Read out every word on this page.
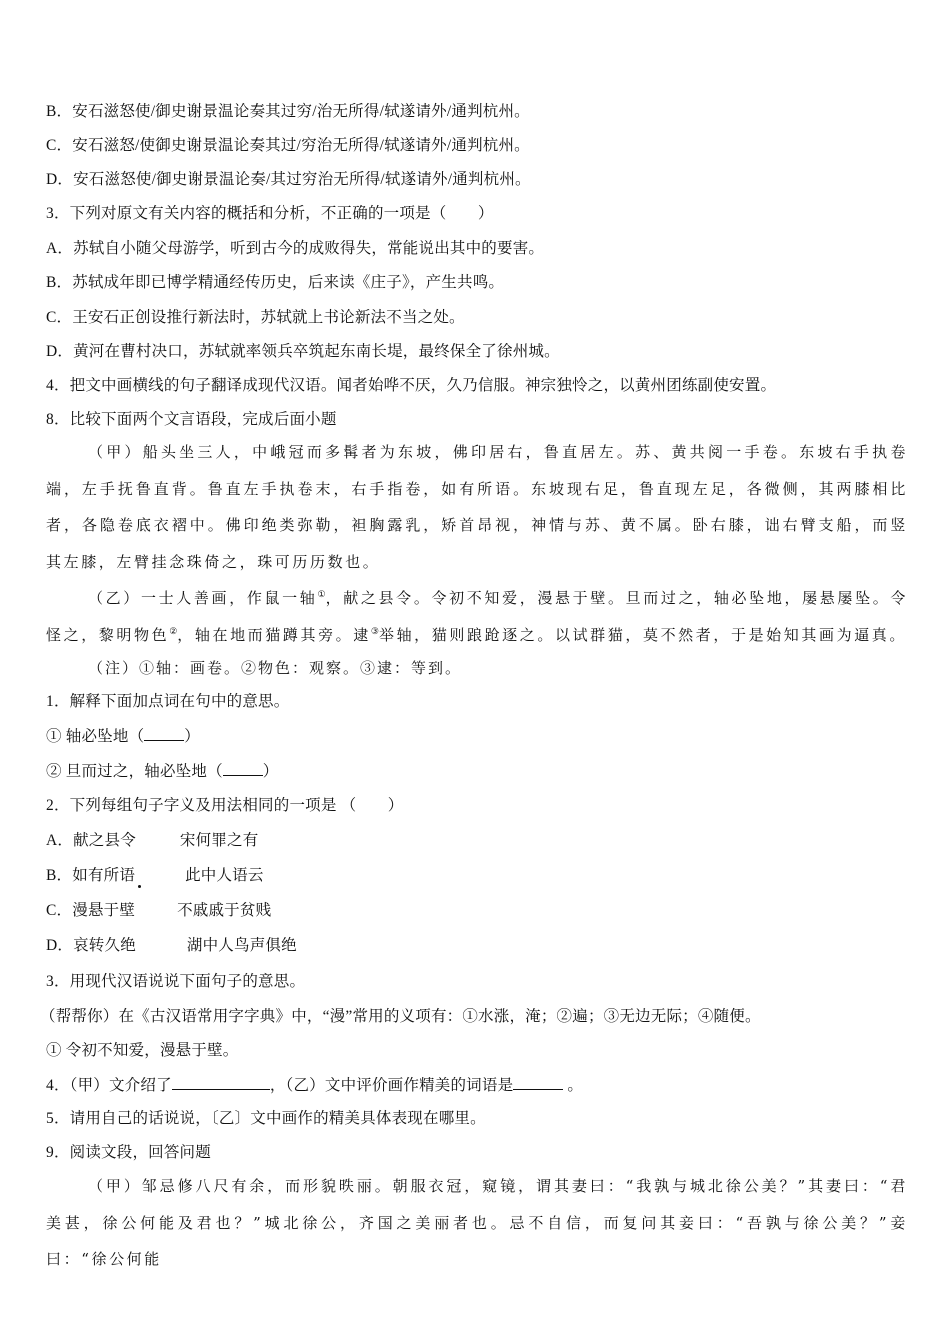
B．安石滋怒使/御史谢景温论奏其过穷/治无所得/轼遂请外/通判杭州。
C．安石滋怒/使御史谢景温论奏其过/穷治无所得/轼遂请外/通判杭州。
D．安石滋怒使/御史谢景温论奏/其过穷治无所得/轼遂请外/通判杭州。
3．下列对原文有关内容的概括和分析，不正确的一项是（　　）
A．苏轼自小随父母游学，听到古今的成败得失，常能说出其中的要害。
B．苏轼成年即已博学精通经传历史，后来读《庄子》，产生共鸣。
C．王安石正创设推行新法时，苏轼就上书论新法不当之处。
D．黄河在曹村决口，苏轼就率领兵卒筑起东南长堤，最终保全了徐州城。
4．把文中画横线的句子翻译成现代汉语。闻者始哗不厌，久乃信服。神宗独怜之，以黄州团练副使安置。
8．比较下面两个文言语段，完成后面小题
（甲）船头坐三人，中峨冠而多髯者为东坡，佛印居右，鲁直居左。苏、黄共阅一手卷。东坡右手执卷端，左手抚鲁直背。鲁直左手执卷末，右手指卷，如有所语。东坡现右足，鲁直现左足，各微侧，其两膝相比者，各隐卷底衣褶中。佛印绝类弥勒，袒胸露乳，矫首昂视，神情与苏、黄不属。卧右膝，诎右臂支船，而竖其左膝，左臂挂念珠倚之，珠可历历数也。
（乙）一士人善画，作鼠一轴①，献之县令。令初不知爱，漫悬于壁。旦而过之，轴必坠地，屡悬屡坠。令怪之，黎明物色②，轴在地而猫蹲其旁。逮③举轴，猫则踉跄逐之。以试群猫，莫不然者，于是始知其画为逼真。
（注）①轴：画卷。②物色：观察。③逮：等到。
1．解释下面加点词在句中的意思。
① 轴必坠地（	）
② 旦而过之，轴必坠地（	）
2．下列每组句子字义及用法相同的一项是 （　　）
A．献之县令	宋何罪之有
B．如有所语	此中人语云
C．漫悬于壁	不戚戚于贫贱
D．哀转久绝	湖中人鸟声俱绝
3．用现代汉语说说下面句子的意思。
（帮帮你）在《古汉语常用字字典》中，“漫”常用的义项有：①水涨，淹；②遍；③无边无际；④随便。
① 令初不知爱，漫悬于壁。
4．（甲）文介绍了	，（乙）文中评价画作精美的词语是	。
5．请用自己的话说说，〔乙〕文中画作的精美具体表现在哪里。
9．阅读文段，回答问题
（甲）邹忌修八尺有余，而形貌昳丽。朝服衣冠，窥镜，谓其妻曰：“我孰与城北徐公美？”其妻曰：“君美甚，徐公何能及君也？”城北徐公，齐国之美丽者也。忌不自信，而复问其妾曰：“吾孰与徐公美？”妾曰：“徐公何能
